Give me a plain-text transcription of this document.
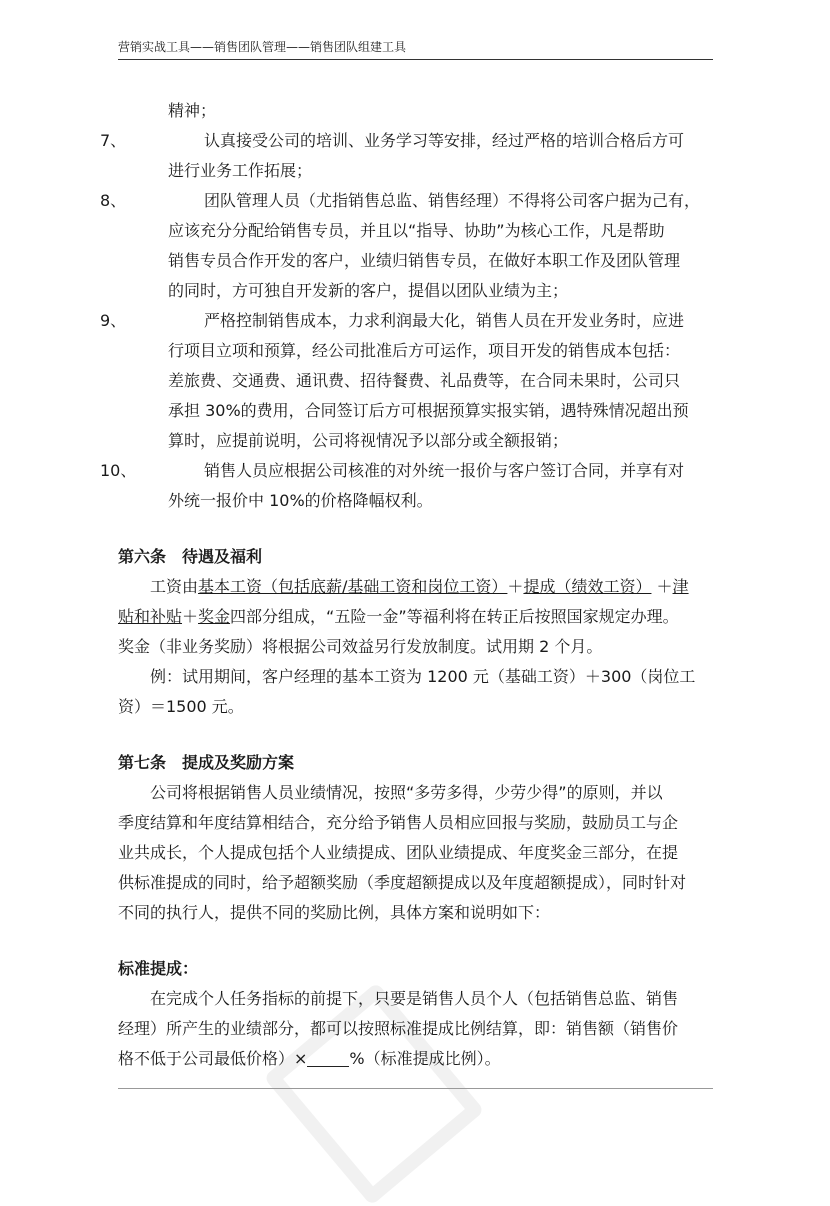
营销实战工具——销售团队管理——销售团队组建工具
精神；
7、	认真接受公司的培训、业务学习等安排，经过严格的培训合格后方可
进行业务工作拓展；
8、	团队管理人员（尤指销售总监、销售经理）不得将公司客户据为己有，
应该充分分配给销售专员，并且以“指导、协助”为核心工作，凡是帮助
销售专员合作开发的客户，业绩归销售专员，在做好本职工作及团队管理
的同时，方可独自开发新的客户，提倡以团队业绩为主；
9、	严格控制销售成本，力求利润最大化，销售人员在开发业务时，应进
行项目立项和预算，经公司批准后方可运作，项目开发的销售成本包括：
差旅费、交通费、通讯费、招待餐费、礼品费等，在合同未果时，公司只
承担 30%的费用，合同签订后方可根据预算实报实销，遇特殊情况超出预
算时，应提前说明，公司将视情况予以部分或全额报销；
10、	销售人员应根据公司核准的对外统一报价与客户签订合同，并享有对
外统一报价中 10%的价格降幅权利。
第六条　待遇及福利
工资由基本工资（包括底薪/基础工资和岗位工资）＋提成（绩效工资） ＋津
贴和补贴＋奖金四部分组成，“五险一金”等福利将在转正后按照国家规定办理。
奖金（非业务奖励）将根据公司效益另行发放制度。试用期 2 个月。
例：试用期间，客户经理的基本工资为 1200 元（基础工资）＋300（岗位工
资）＝1500 元。
第七条　提成及奖励方案
公司将根据销售人员业绩情况，按照“多劳多得，少劳少得”的原则，并以
季度结算和年度结算相结合，充分给予销售人员相应回报与奖励，鼓励员工与企
业共成长，个人提成包括个人业绩提成、团队业绩提成、年度奖金三部分，在提
供标准提成的同时，给予超额奖励（季度超额提成以及年度超额提成），同时针对
不同的执行人，提供不同的奖励比例，具体方案和说明如下：
标准提成：
在完成个人任务指标的前提下，只要是销售人员个人（包括销售总监、销售
经理）所产生的业绩部分，都可以按照标准提成比例结算，即：销售额（销售价
格不低于公司最低价格）×	%（标准提成比例）。
